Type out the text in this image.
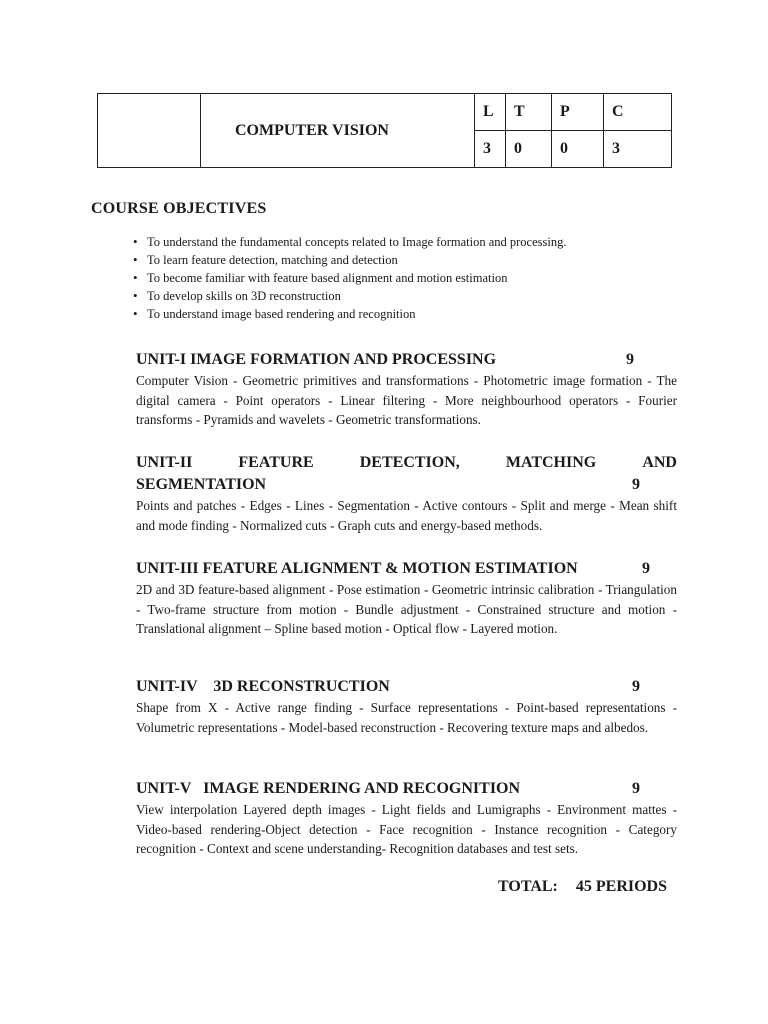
	COMPUTER VISION	L	T	P	C
		3	0	0	3
COURSE OBJECTIVES
• To understand the fundamental concepts related to Image formation and processing.
• To learn feature detection, matching and detection
• To become familiar with feature based alignment and motion estimation
• To develop skills on 3D reconstruction
• To understand image based rendering and recognition
UNIT-I IMAGE FORMATION AND PROCESSING	9

Computer Vision - Geometric primitives and transformations - Photometric image formation - The digital camera - Point operators - Linear filtering - More neighbourhood operators - Fourier transforms - Pyramids and wavelets - Geometric transformations.

UNIT-II	FEATURE	DETECTION,	MATCHING	AND
SEGMENTATION	9

Points and patches - Edges - Lines - Segmentation - Active contours - Split and merge - Mean shift and mode finding - Normalized cuts - Graph cuts and energy-based methods.

UNIT-III FEATURE ALIGNMENT & MOTION ESTIMATION	9

2D and 3D feature-based alignment - Pose estimation - Geometric intrinsic calibration - Triangulation - Two-frame structure from motion - Bundle adjustment - Constrained structure and motion - Translational alignment – Spline based motion - Optical flow - Layered motion.

UNIT-IV    3D RECONSTRUCTION	9

Shape from X - Active range finding - Surface representations - Point-based representations - Volumetric representations - Model-based reconstruction - Recovering texture maps and albedos.

UNIT-V   IMAGE RENDERING AND RECOGNITION	9

View interpolation Layered depth images - Light fields and Lumigraphs - Environment mattes - Video-based rendering-Object detection - Face recognition - Instance recognition - Category recognition - Context and scene understanding- Recognition databases and test sets.

TOTAL: 45 PERIODS
